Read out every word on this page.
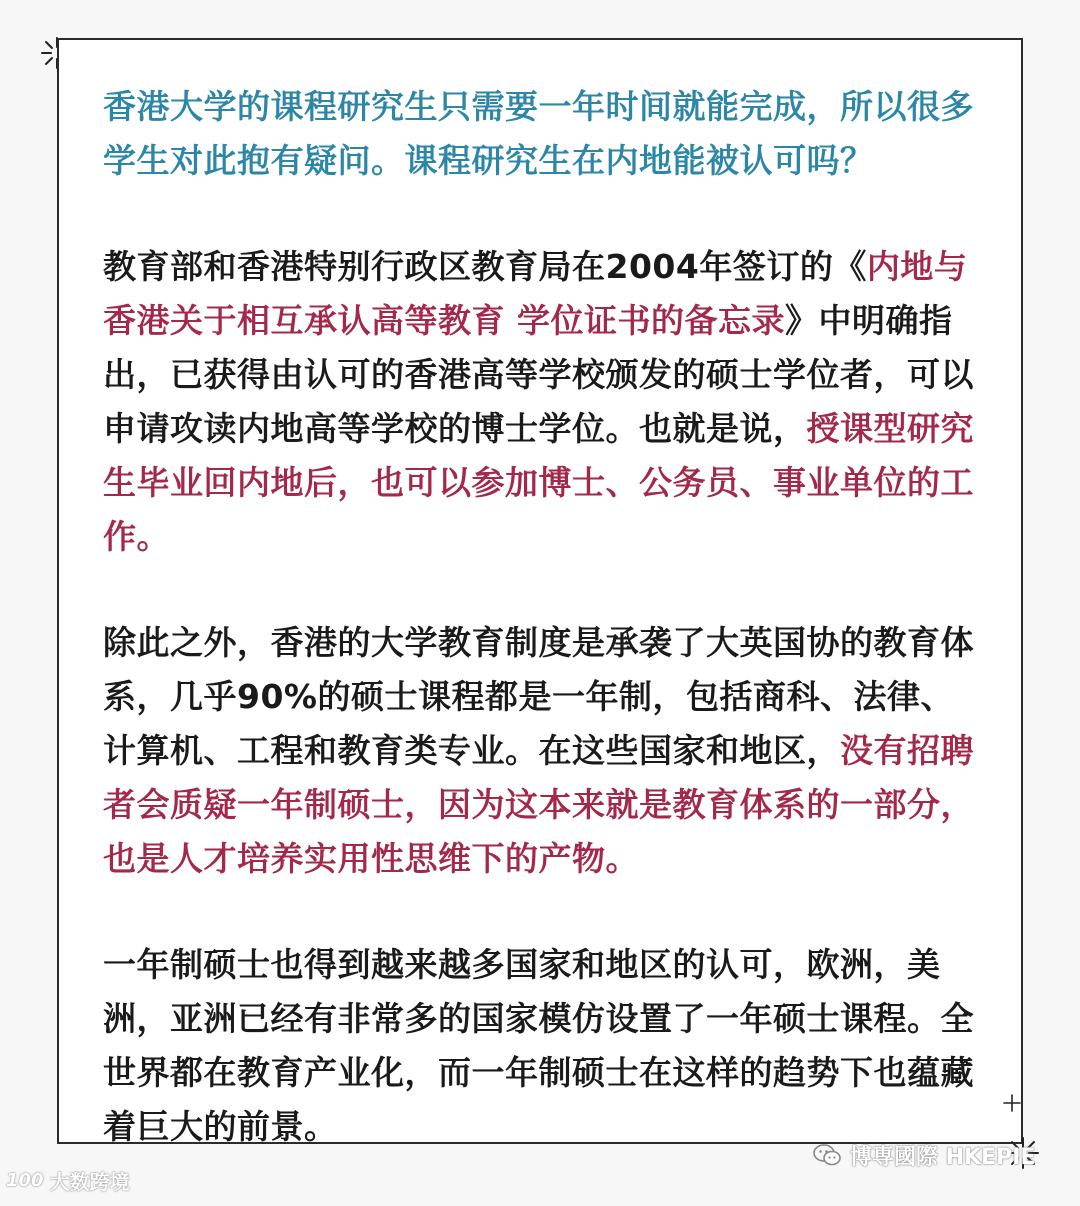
香港大学的课程研究生只需要一年时间就能完成，所以很多学生对此抱有疑问。课程研究生在内地能被认可吗？

教育部和香港特别行政区教育局在2004年签订的《内地与香港关于相互承认高等教育 学位证书的备忘录》中明确指出，已获得由认可的香港高等学校颁发的硕士学位者，可以申请攻读内地高等学校的博士学位。也就是说，授课型研究生毕业回内地后，也可以参加博士、公务员、事业单位的工作。

除此之外，香港的大学教育制度是承袭了大英国协的教育体系，几乎90%的硕士课程都是一年制，包括商科、法律、计算机、工程和教育类专业。在这些国家和地区，没有招聘者会质疑一年制硕士，因为这本来就是教育体系的一部分，也是人才培养实用性思维下的产物。

一年制硕士也得到越来越多国家和地区的认可，欧洲，美洲，亚洲已经有非常多的国家模仿设置了一年硕士课程。全世界都在教育产业化，而一年制硕士在这样的趋势下也蕴藏着巨大的前景。

博専國際 HKEPIE
100 大数跨境
